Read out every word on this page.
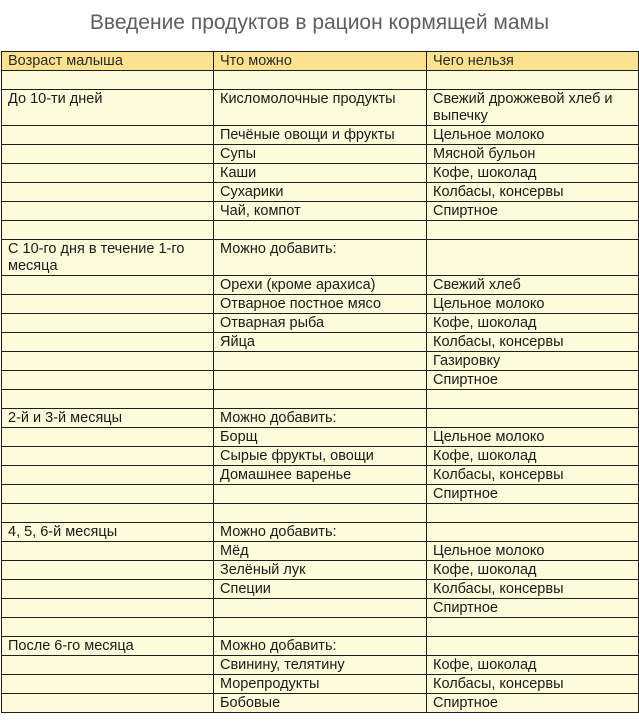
Введение продуктов в рацион кормящей мамы
Возраст малыша	Что можно	Чего нельзя

До 10-ти дней	Кисломолочные продукты	Свежий дрожжевой хлеб и выпечку
	Печёные овощи и фрукты	Цельное молоко
	Супы	Мясной бульон
	Каши	Кофе, шоколад
	Сухарики	Колбасы, консервы
	Чай, компот	Спиртное

С 10-го дня в течение 1-го месяца	Можно добавить:	
	Орехи (кроме арахиса)	Свежий хлеб
	Отварное постное мясо	Цельное молоко
	Отварная рыба	Кофе, шоколад
	Яйца	Колбасы, консервы
		Газировку
		Спиртное

2-й и 3-й месяцы	Можно добавить:	
	Борщ	Цельное молоко
	Сырые фрукты, овощи	Кофе, шоколад
	Домашнее варенье	Колбасы, консервы
		Спиртное

4, 5, 6-й месяцы	Можно добавить:	
	Мёд	Цельное молоко
	Зелёный лук	Кофе, шоколад
	Специи	Колбасы, консервы
		Спиртное

После 6-го месяца	Можно добавить:	
	Свинину, телятину	Кофе, шоколад
	Морепродукты	Колбасы, консервы
	Бобовые	Спиртное
